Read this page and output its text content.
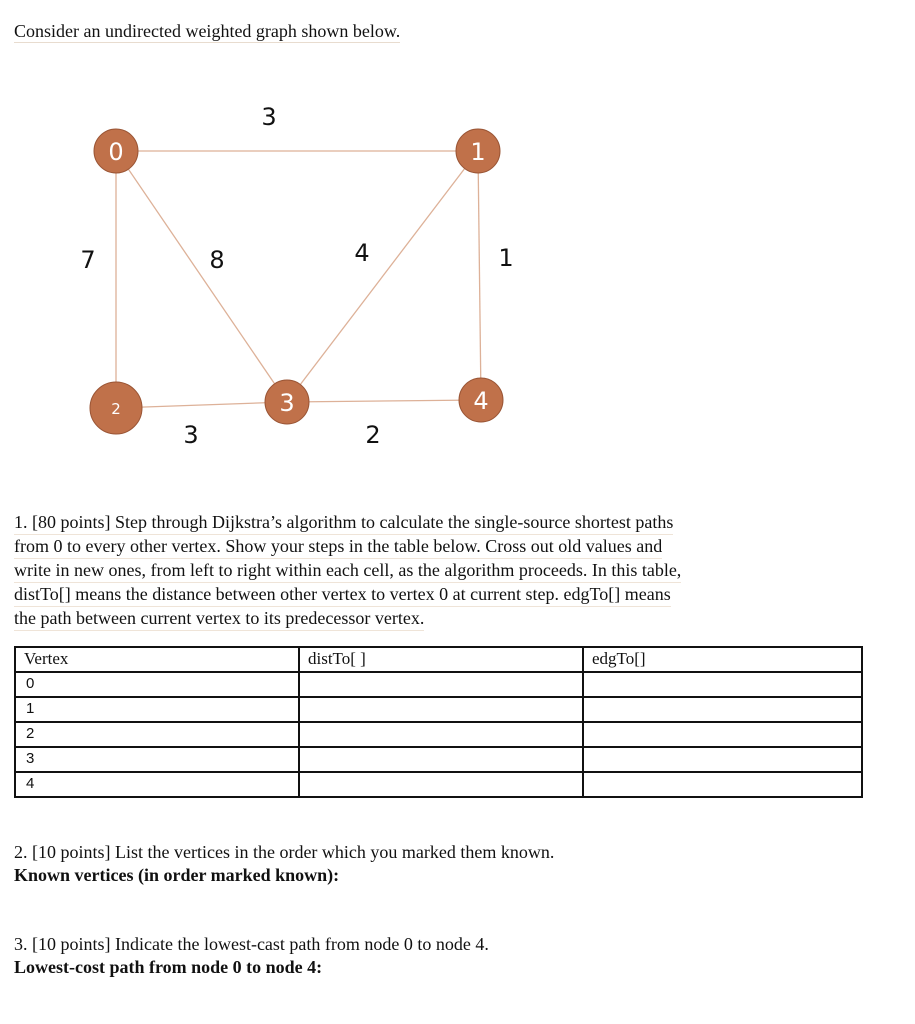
Consider an undirected weighted graph shown below.
3
7	8	4	1
3	2
0	1
2	3	4
1. [80 points] Step through Dijkstra’s algorithm to calculate the single-source shortest paths
from 0 to every other vertex. Show your steps in the table below. Cross out old values and
write in new ones, from left to right within each cell, as the algorithm proceeds. In this table,
distTo[] means the distance between other vertex to vertex 0 at current step. edgTo[] means
the path between current vertex to its predecessor vertex.
Vertex	distTo[ ]	edgTo[]
0		
1		
2		
3		
4		
2. [10 points] List the vertices in the order which you marked them known.
Known vertices (in order marked known):
3. [10 points] Indicate the lowest-cast path from node 0 to node 4.
Lowest-cost path from node 0 to node 4:
